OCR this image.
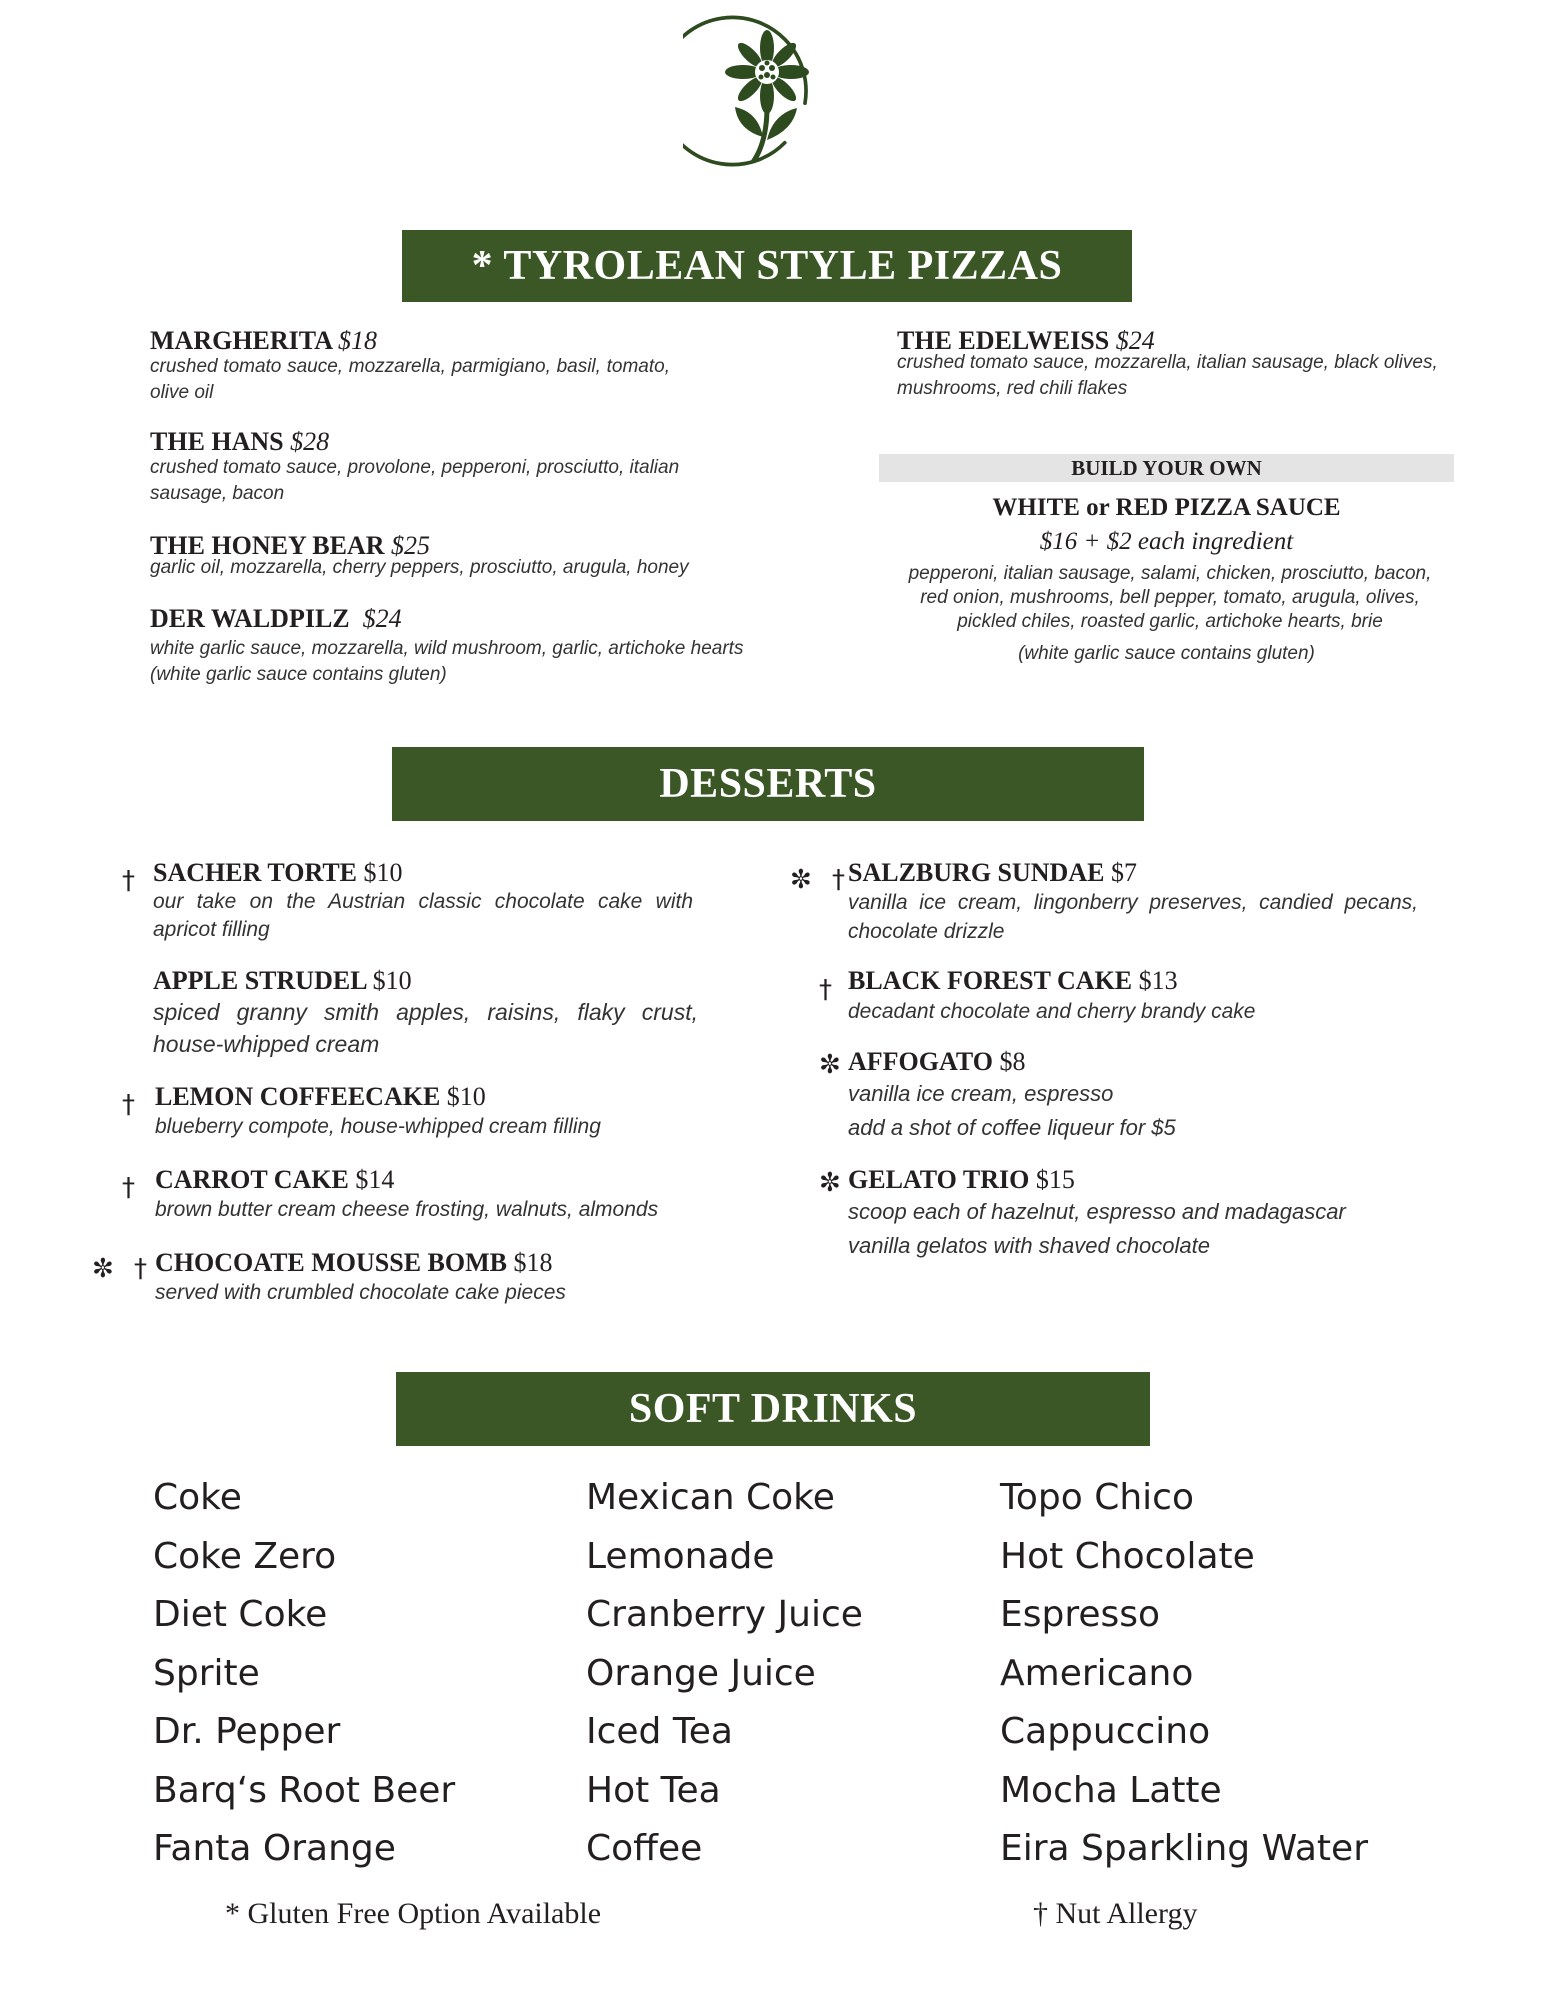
* TYROLEAN STYLE PIZZAS
MARGHERITA $18
crushed tomato sauce, mozzarella, parmigiano, basil, tomato, olive oil
THE HANS $28
crushed tomato sauce, provolone, pepperoni, prosciutto, italian sausage, bacon
THE HONEY BEAR $25
garlic oil, mozzarella, cherry peppers, prosciutto, arugula, honey
DER WALDPILZ $24
white garlic sauce, mozzarella, wild mushroom, garlic, artichoke hearts
(white garlic sauce contains gluten)
THE EDELWEISS $24
crushed tomato sauce, mozzarella, italian sausage, black olives, mushrooms, red chili flakes
BUILD YOUR OWN
WHITE or RED PIZZA SAUCE
$16 + $2 each ingredient
pepperoni, italian sausage, salami, chicken, prosciutto, bacon, red onion, mushrooms, bell pepper, tomato, arugula, olives, pickled chiles, roasted garlic, artichoke hearts, brie
(white garlic sauce contains gluten)
DESSERTS
† SACHER TORTE $10
our take on the Austrian classic chocolate cake with apricot filling
APPLE STRUDEL $10
spiced granny smith apples, raisins, flaky crust, house-whipped cream
† LEMON COFFEECAKE $10
blueberry compote, house-whipped cream filling
† CARROT CAKE $14
brown butter cream cheese frosting, walnuts, almonds
✼ † CHOCOATE MOUSSE BOMB $18
served with crumbled chocolate cake pieces
✼ †
SALZBURG SUNDAE $7
vanilla ice cream, lingonberry preserves, candied pecans, chocolate drizzle
† BLACK FOREST CAKE $13
decadant chocolate and cherry brandy cake
✼ AFFOGATO $8
vanilla ice cream, espresso
add a shot of coffee liqueur for $5
✼ GELATO TRIO $15
scoop each of hazelnut, espresso and madagascar
vanilla gelatos with shaved chocolate
SOFT DRINKS
Coke
Coke Zero
Diet Coke
Sprite
Dr. Pepper
Barq‘s Root Beer
Fanta Orange
Mexican Coke
Lemonade
Cranberry Juice
Orange Juice
Iced Tea
Hot Tea
Coffee
Topo Chico
Hot Chocolate
Espresso
Americano
Cappuccino
Mocha Latte
Eira Sparkling Water
* Gluten Free Option Available	† Nut Allergy
